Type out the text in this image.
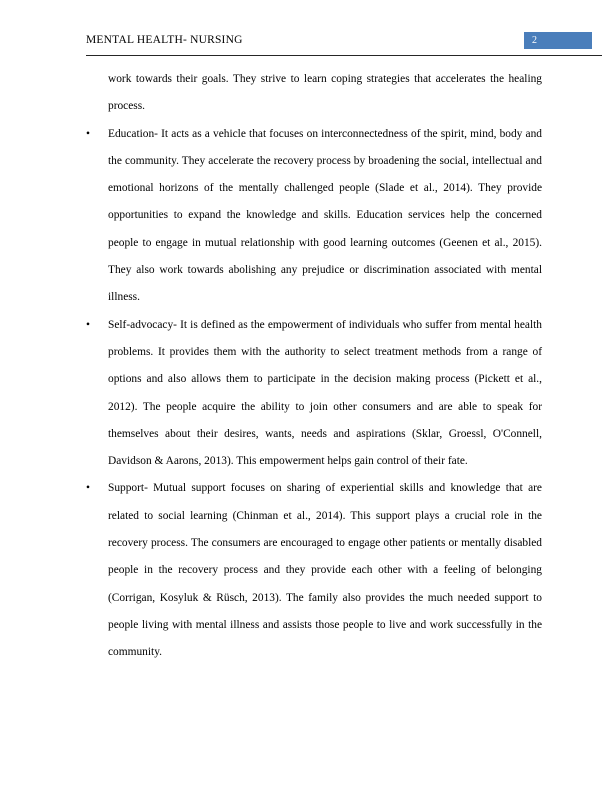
MENTAL HEALTH- NURSING	2

work towards their goals. They strive to learn coping strategies that accelerates the healing process.

• Education- It acts as a vehicle that focuses on interconnectedness of the spirit, mind, body and the community. They accelerate the recovery process by broadening the social, intellectual and emotional horizons of the mentally challenged people (Slade et al., 2014). They provide opportunities to expand the knowledge and skills. Education services help the concerned people to engage in mutual relationship with good learning outcomes (Geenen et al., 2015). They also work towards abolishing any prejudice or discrimination associated with mental illness.
• Self-advocacy- It is defined as the empowerment of individuals who suffer from mental health problems. It provides them with the authority to select treatment methods from a range of options and also allows them to participate in the decision making process (Pickett et al., 2012). The people acquire the ability to join other consumers and are able to speak for themselves about their desires, wants, needs and aspirations (Sklar, Groessl, O'Connell, Davidson & Aarons, 2013). This empowerment helps gain control of their fate.
• Support- Mutual support focuses on sharing of experiential skills and knowledge that are related to social learning (Chinman et al., 2014). This support plays a crucial role in the recovery process. The consumers are encouraged to engage other patients or mentally disabled people in the recovery process and they provide each other with a feeling of belonging (Corrigan, Kosyluk & Rüsch, 2013). The family also provides the much needed support to people living with mental illness and assists those people to live and work successfully in the community.
